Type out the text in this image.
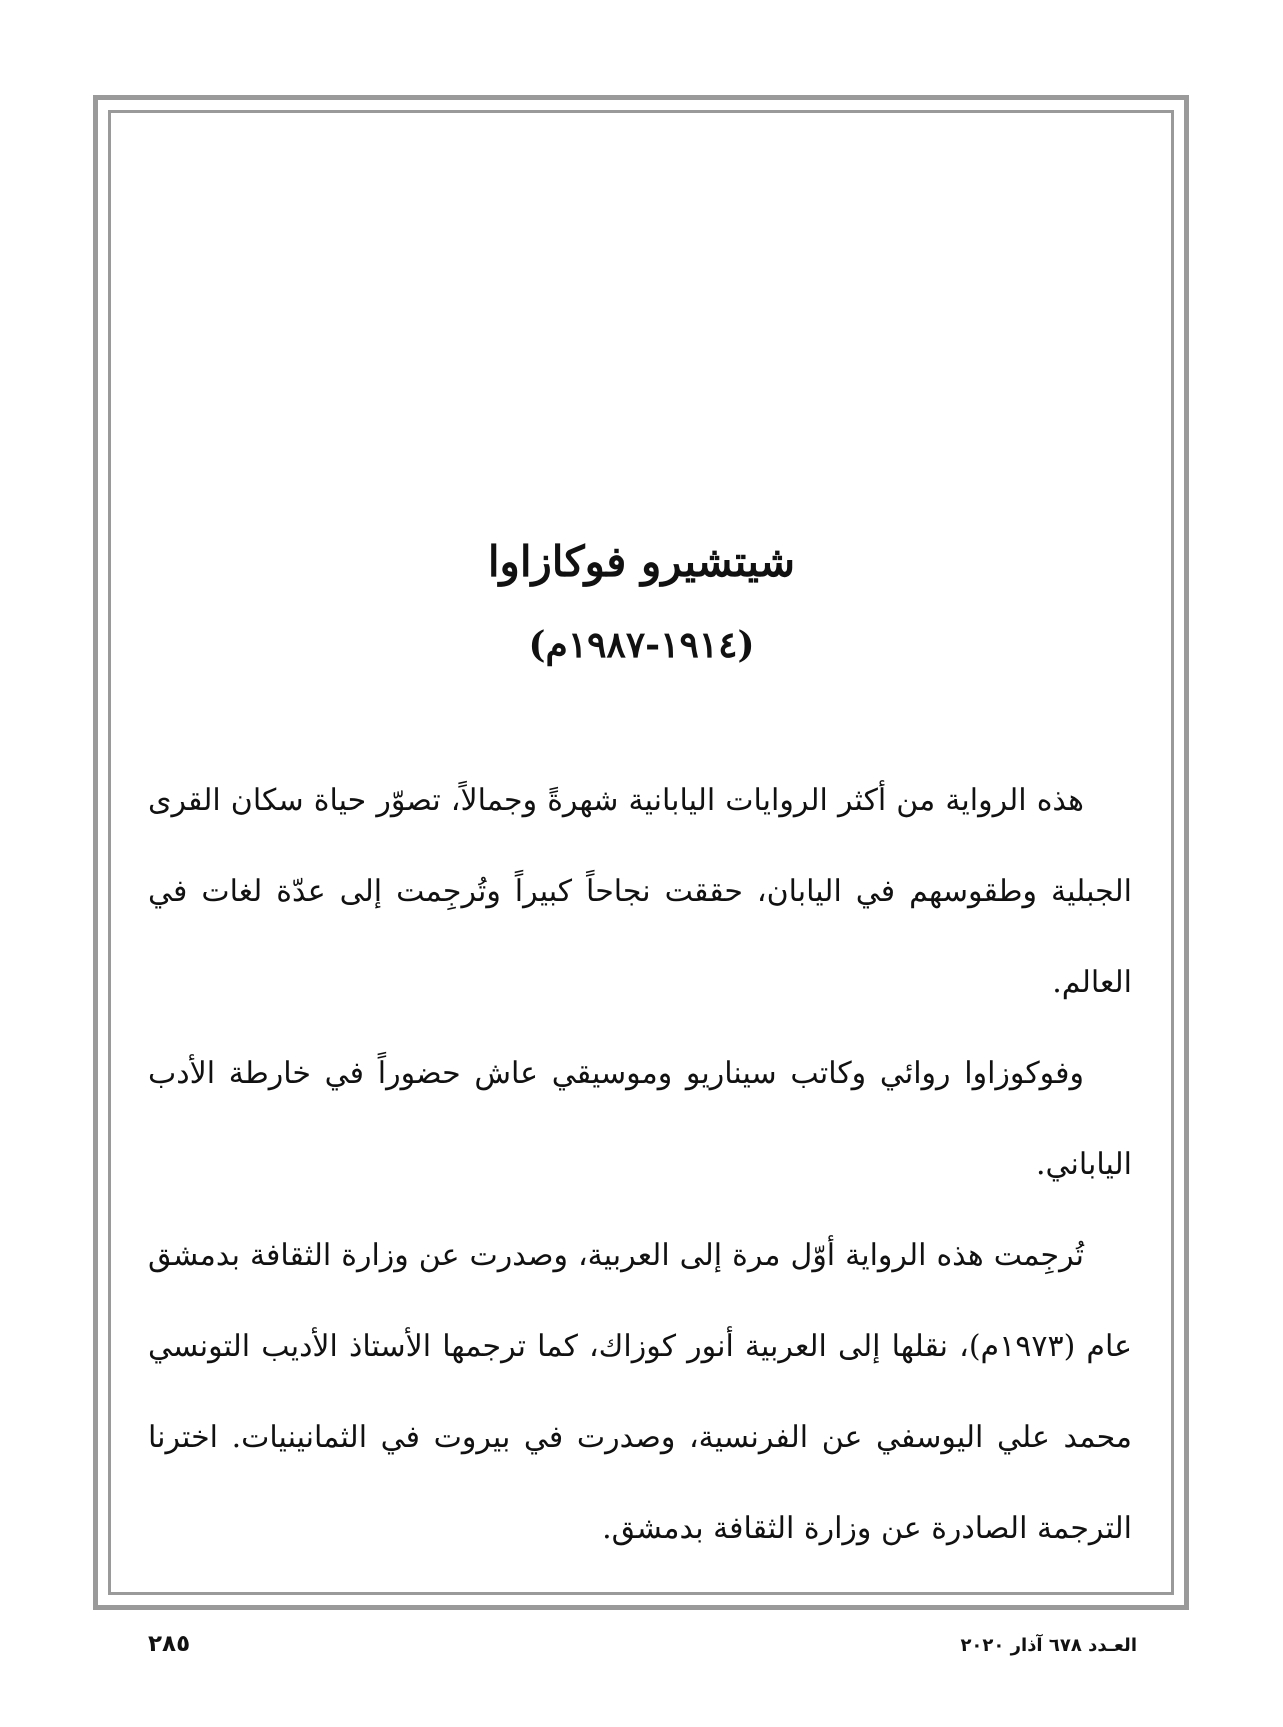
شيتشيرو فوكازاوا
(١٩١٤-١٩٨٧م)

هذه الرواية من أكثر الروايات اليابانية شهرةً وجمالاً، تصوّر حياة سكان القرى الجبلية وطقوسهم في اليابان، حققت نجاحاً كبيراً وتُرجِمت إلى عدّة لغات في العالم.

وفوكوزاوا روائي وكاتب سيناريو وموسيقي عاش حضوراً في خارطة الأدب الياباني.

تُرجِمت هذه الرواية أوّل مرة إلى العربية، وصدرت عن وزارة الثقافة بدمشق عام (١٩٧٣م)، نقلها إلى العربية أنور كوزاك، كما ترجمها الأستاذ الأديب التونسي محمد علي اليوسفي عن الفرنسية، وصدرت في بيروت في الثمانينيات. اخترنا الترجمة الصادرة عن وزارة الثقافة بدمشق.

العـدد ٦٧٨ آذار ٢٠٢٠
٢٨٥
